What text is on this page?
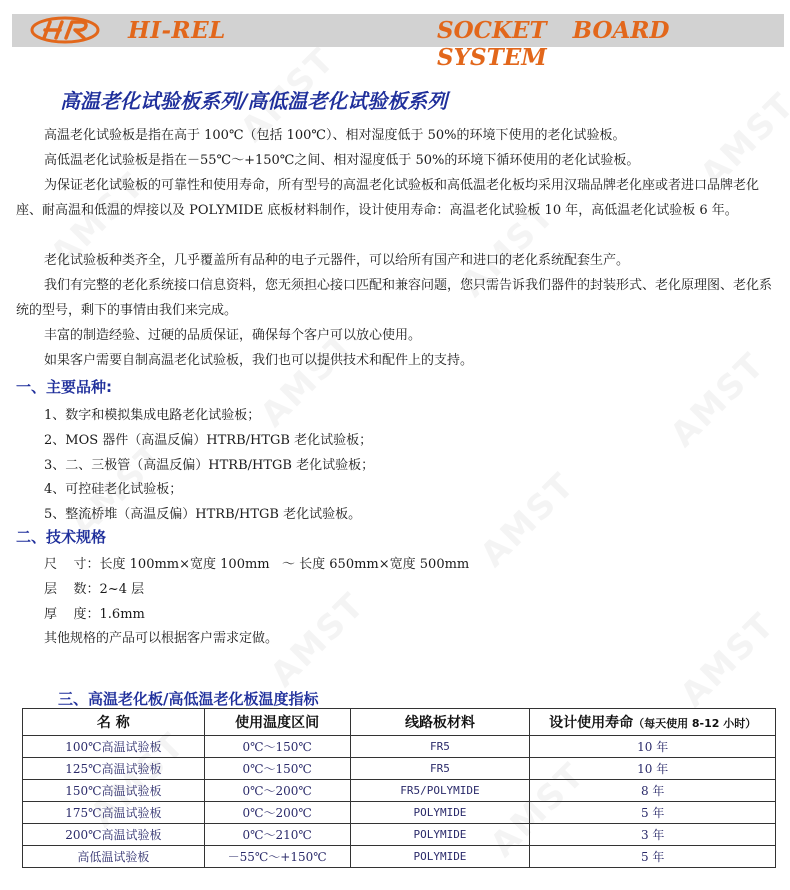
HI-REL	SOCKET BOARD SYSTEM
高温老化试验板系列/高低温老化试验板系列
高温老化试验板是指在高于 100℃（包括 100℃）、相对湿度低于 50%的环境下使用的老化试验板。
高低温老化试验板是指在－55℃～+150℃之间、相对湿度低于 50%的环境下循环使用的老化试验板。
为保证老化试验板的可靠性和使用寿命，所有型号的高温老化试验板和高低温老化板均采用汉瑞品牌老化座或者进口品牌老化座、耐高温和低温的焊接以及 POLYMIDE 底板材料制作，设计使用寿命：高温老化试验板 10 年，高低温老化试验板 6 年。
老化试验板种类齐全，几乎覆盖所有品种的电子元器件，可以给所有国产和进口的老化系统配套生产。
我们有完整的老化系统接口信息资料，您无须担心接口匹配和兼容问题，您只需告诉我们器件的封装形式、老化原理图、老化系统的型号，剩下的事情由我们来完成。
丰富的制造经验、过硬的品质保证，确保每个客户可以放心使用。
如果客户需要自制高温老化试验板，我们也可以提供技术和配件上的支持。
一、主要品种:
1、数字和模拟集成电路老化试验板；
2、MOS 器件（高温反偏）HTRB/HTGB 老化试验板；
3、二、三极管（高温反偏）HTRB/HTGB 老化试验板；
4、可控硅老化试验板；
5、整流桥堆（高温反偏）HTRB/HTGB 老化试验板。
二、技术规格
尺    寸：长度 100mm×宽度 100mm   ～ 长度 650mm×宽度 500mm
层    数：2~4 层
厚    度：1.6mm
其他规格的产品可以根据客户需求定做。
三、高温老化板/高低温老化板温度指标
名 称	使用温度区间	线路板材料	设计使用寿命（每天使用 8-12 小时）
100℃高温试验板	0℃～150℃	FR5	10 年
125℃高温试验板	0℃～150℃	FR5	10 年
150℃高温试验板	0℃～200℃	FR5/POLYMIDE	8 年
175℃高温试验板	0℃～200℃	POLYMIDE	5 年
200℃高温试验板	0℃～210℃	POLYMIDE	3 年
高低温试验板	－55℃～+150℃	POLYMIDE	5 年
